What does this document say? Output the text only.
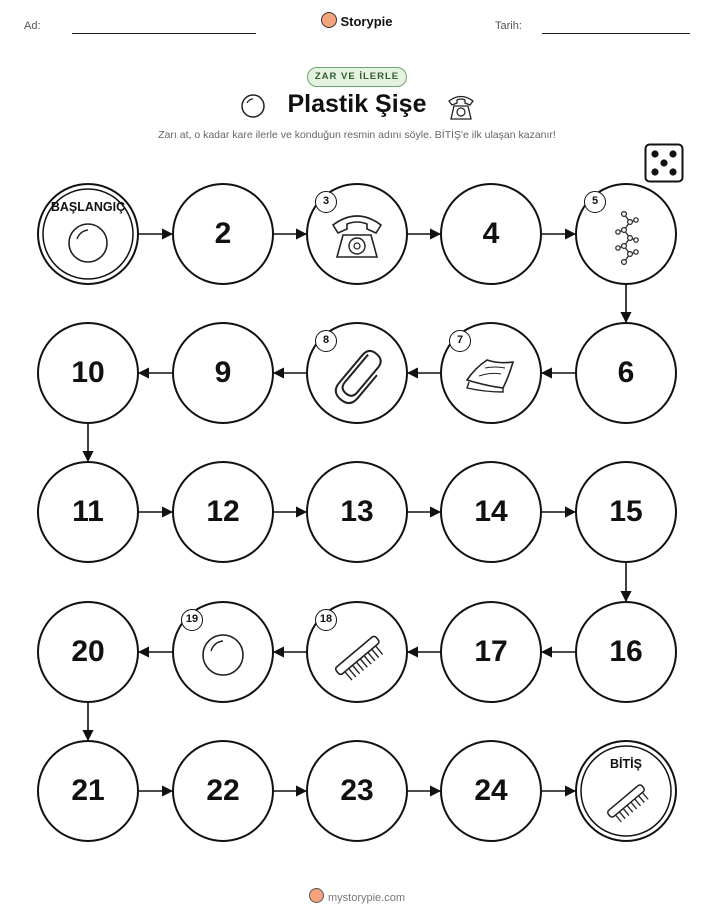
Ad:	Storypie	Tarih:
ZAR VE İLERLE
Plastik Şişe
Zarı at, o kadar kare ilerle ve konduğun resmin adını söyle. BİTİŞ'e ilk ulaşan kazanır!
BAŞLANGIÇ
BİTİŞ
2
3
4
5
6
7
8
9
10
11	12	13	14	15
16
17
18
19
20
21	22	23	24
mystorypie.com
